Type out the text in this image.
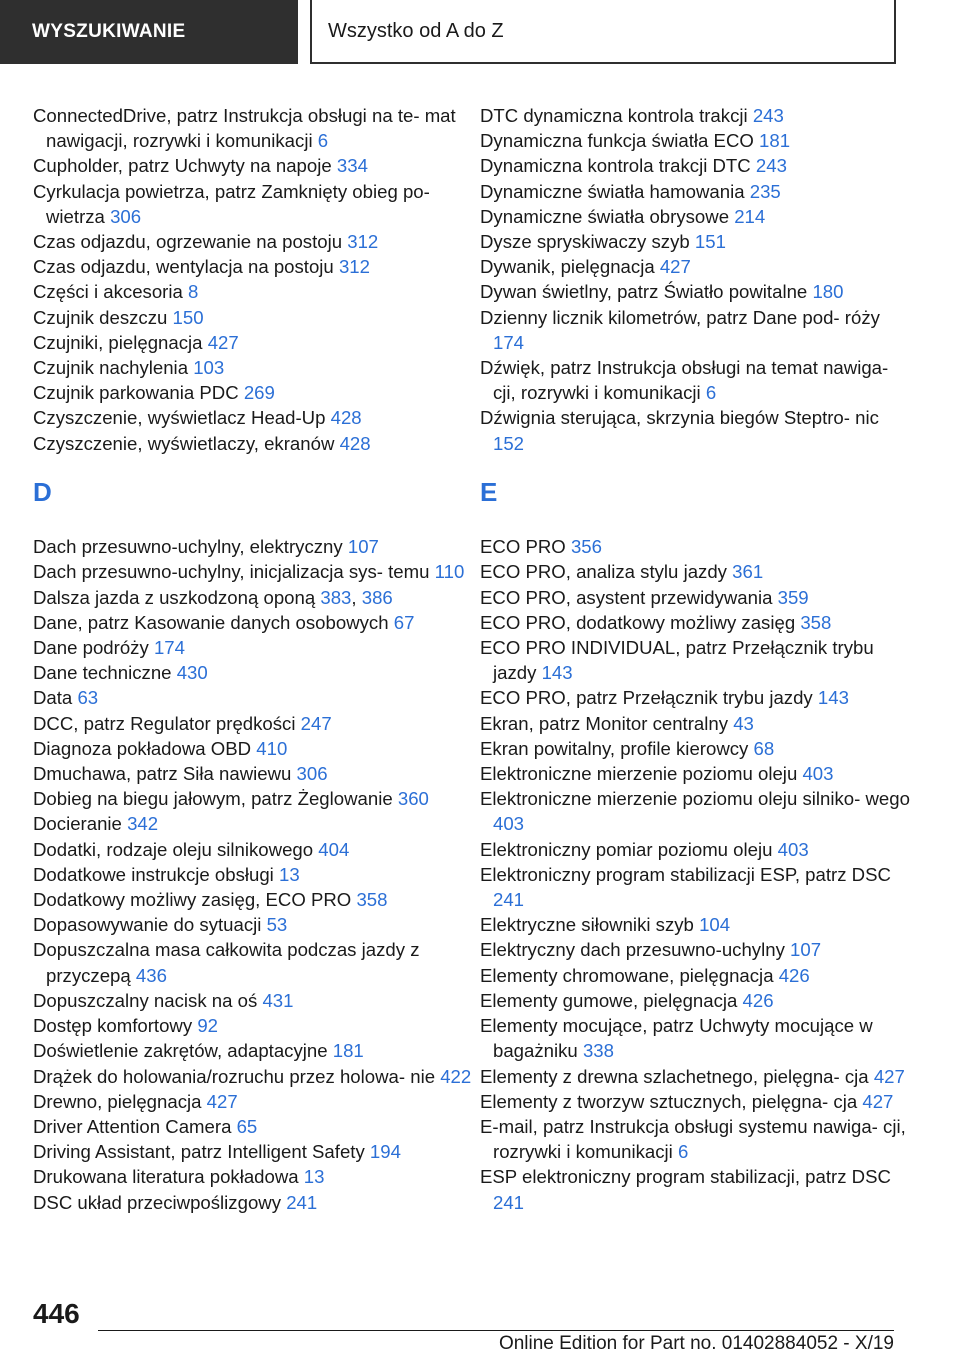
WYSZUKIWANIE	Wszystko od A do Z

ConnectedDrive, patrz Instrukcja obsługi na te‐ mat nawigacji, rozrywki i komunikacji 6

Cupholder, patrz Uchwyty na napoje 334

Cyrkulacja powietrza, patrz Zamknięty obieg po‐ wietrza 306

Czas odjazdu, ogrzewanie na postoju 312

Czas odjazdu, wentylacja na postoju 312

Części i akcesoria 8

Czujnik deszczu 150

Czujniki, pielęgnacja 427

Czujnik nachylenia 103

Czujnik parkowania PDC 269

Czyszczenie, wyświetlacz Head-Up 428

Czyszczenie, wyświetlaczy, ekranów 428

D

Dach przesuwno-uchylny, elektryczny 107

Dach przesuwno-uchylny, inicjalizacja sys‐ temu 110

Dalsza jazda z uszkodzoną oponą 383, 386

Dane, patrz Kasowanie danych osobowych 67

Dane podróży 174

Dane techniczne 430

Data 63

DCC, patrz Regulator prędkości 247

Diagnoza pokładowa OBD 410

Dmuchawa, patrz Siła nawiewu 306

Dobieg na biegu jałowym, patrz Żeglowanie 360

Docieranie 342

Dodatki, rodzaje oleju silnikowego 404

Dodatkowe instrukcje obsługi 13

Dodatkowy możliwy zasięg, ECO PRO 358

Dopasowywanie do sytuacji 53

Dopuszczalna masa całkowita podczas jazdy z przyczepą 436

Dopuszczalny nacisk na oś 431

Dostęp komfortowy 92

Doświetlenie zakrętów, adaptacyjne 181

Drążek do holowania/rozruchu przez holowa‐ nie 422

Drewno, pielęgnacja 427

Driver Attention Camera 65

Driving Assistant, patrz Intelligent Safety 194

Drukowana literatura pokładowa 13

DSC układ przeciwpoślizgowy 241

DTC dynamiczna kontrola trakcji 243

Dynamiczna funkcja światła ECO 181

Dynamiczna kontrola trakcji DTC 243

Dynamiczne światła hamowania 235

Dynamiczne światła obrysowe 214

Dysze spryskiwaczy szyb 151

Dywanik, pielęgnacja 427

Dywan świetlny, patrz Światło powitalne 180

Dzienny licznik kilometrów, patrz Dane pod‐ róży 174

Dźwięk, patrz Instrukcja obsługi na temat nawiga‐ cji, rozrywki i komunikacji 6

Dźwignia sterująca, skrzynia biegów Steptro‐ nic 152

E

ECO PRO 356

ECO PRO, analiza stylu jazdy 361

ECO PRO, asystent przewidywania 359

ECO PRO, dodatkowy możliwy zasięg 358

ECO PRO INDIVIDUAL, patrz Przełącznik trybu jazdy 143

ECO PRO, patrz Przełącznik trybu jazdy 143

Ekran, patrz Monitor centralny 43

Ekran powitalny, profile kierowcy 68

Elektroniczne mierzenie poziomu oleju 403

Elektroniczne mierzenie poziomu oleju silniko‐ wego 403

Elektroniczny pomiar poziomu oleju 403

Elektroniczny program stabilizacji ESP, patrz DSC 241

Elektryczne siłowniki szyb 104

Elektryczny dach przesuwno-uchylny 107

Elementy chromowane, pielęgnacja 426

Elementy gumowe, pielęgnacja 426

Elementy mocujące, patrz Uchwyty mocujące w bagażniku 338

Elementy z drewna szlachetnego, pielęgna‐ cja 427

Elementy z tworzyw sztucznych, pielęgna‐ cja 427

E-mail, patrz Instrukcja obsługi systemu nawiga‐ cji, rozrywki i komunikacji 6

ESP elektroniczny program stabilizacji, patrz DSC 241

446
Online Edition for Part no. 01402884052 - X/19
